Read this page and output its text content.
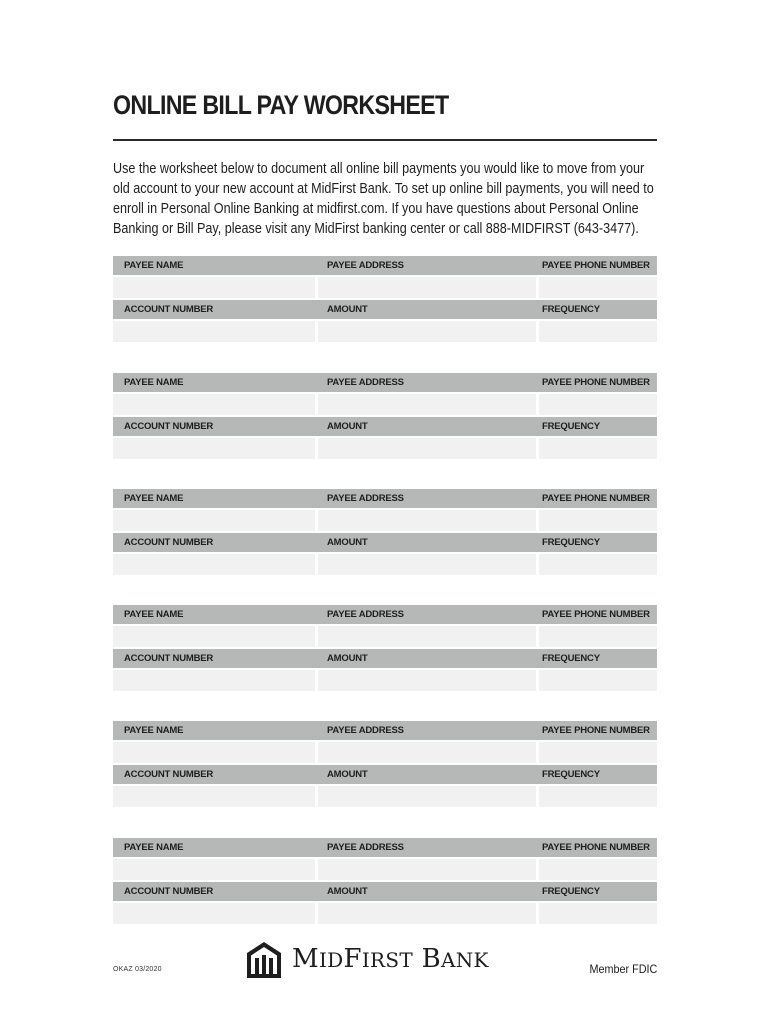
ONLINE BILL PAY WORKSHEET

Use the worksheet below to document all online bill payments you would like to move from your old account to your new account at MidFirst Bank. To set up online bill payments, you will need to enroll in Personal Online Banking at midfirst.com. If you have questions about Personal Online Banking or Bill Pay, please visit any MidFirst banking center or call 888-MIDFIRST (643-3477).

PAYEE NAME	PAYEE ADDRESS	PAYEE PHONE NUMBER
ACCOUNT NUMBER	AMOUNT	FREQUENCY
PAYEE NAME	PAYEE ADDRESS	PAYEE PHONE NUMBER
ACCOUNT NUMBER	AMOUNT	FREQUENCY
PAYEE NAME	PAYEE ADDRESS	PAYEE PHONE NUMBER
ACCOUNT NUMBER	AMOUNT	FREQUENCY
PAYEE NAME	PAYEE ADDRESS	PAYEE PHONE NUMBER
ACCOUNT NUMBER	AMOUNT	FREQUENCY
PAYEE NAME	PAYEE ADDRESS	PAYEE PHONE NUMBER
ACCOUNT NUMBER	AMOUNT	FREQUENCY
PAYEE NAME	PAYEE ADDRESS	PAYEE PHONE NUMBER
ACCOUNT NUMBER	AMOUNT	FREQUENCY
OKAZ 03/2020	MIDFIRST BANK	Member FDIC
